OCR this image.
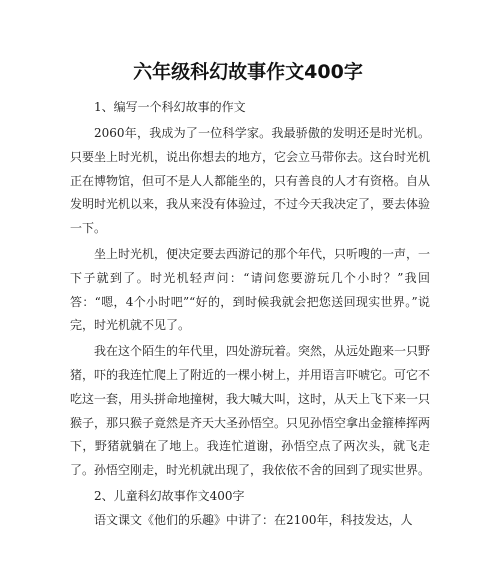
六年级科幻故事作文400字

1、编写一个科幻故事的作文

2060年，我成为了一位科学家。我最骄傲的发明还是时光机。只要坐上时光机，说出你想去的地方，它会立马带你去。这台时光机正在博物馆，但可不是人人都能坐的，只有善良的人才有资格。自从发明时光机以来，我从来没有体验过，不过今天我决定了，要去体验一下。

坐上时光机，便决定要去西游记的那个年代，只听嗖的一声，一下子就到了。时光机轻声问：“请问您要游玩几个小时？”我回答：“嗯，4个小时吧”“好的，到时候我就会把您送回现实世界。”说完，时光机就不见了。

我在这个陌生的年代里，四处游玩着。突然，从远处跑来一只野猪，吓的我连忙爬上了附近的一棵小树上，并用语言吓唬它。可它不吃这一套，用头拼命地撞树，我大喊大叫，这时，从天上飞下来一只猴子，那只猴子竟然是齐天大圣孙悟空。只见孙悟空拿出金箍棒挥两下，野猪就躺在了地上。我连忙道谢，孙悟空点了两次头，就飞走了。孙悟空刚走，时光机就出现了，我依依不舍的回到了现实世界。

2、儿童科幻故事作文400字

语文课文《他们的乐趣》中讲了：在2100年，科技发达，人
